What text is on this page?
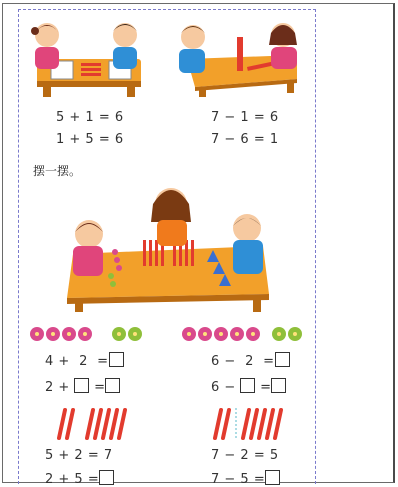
5 + 1 = 6
1 + 5 = 6
7 − 1 = 6
7 − 6 = 1
摆一摆。
4 + 2 =
2 + =
6 − 2 =
6 − =
5 + 2 = 7
2 + 5 =
7 − 2 = 5
7 − 5 =
